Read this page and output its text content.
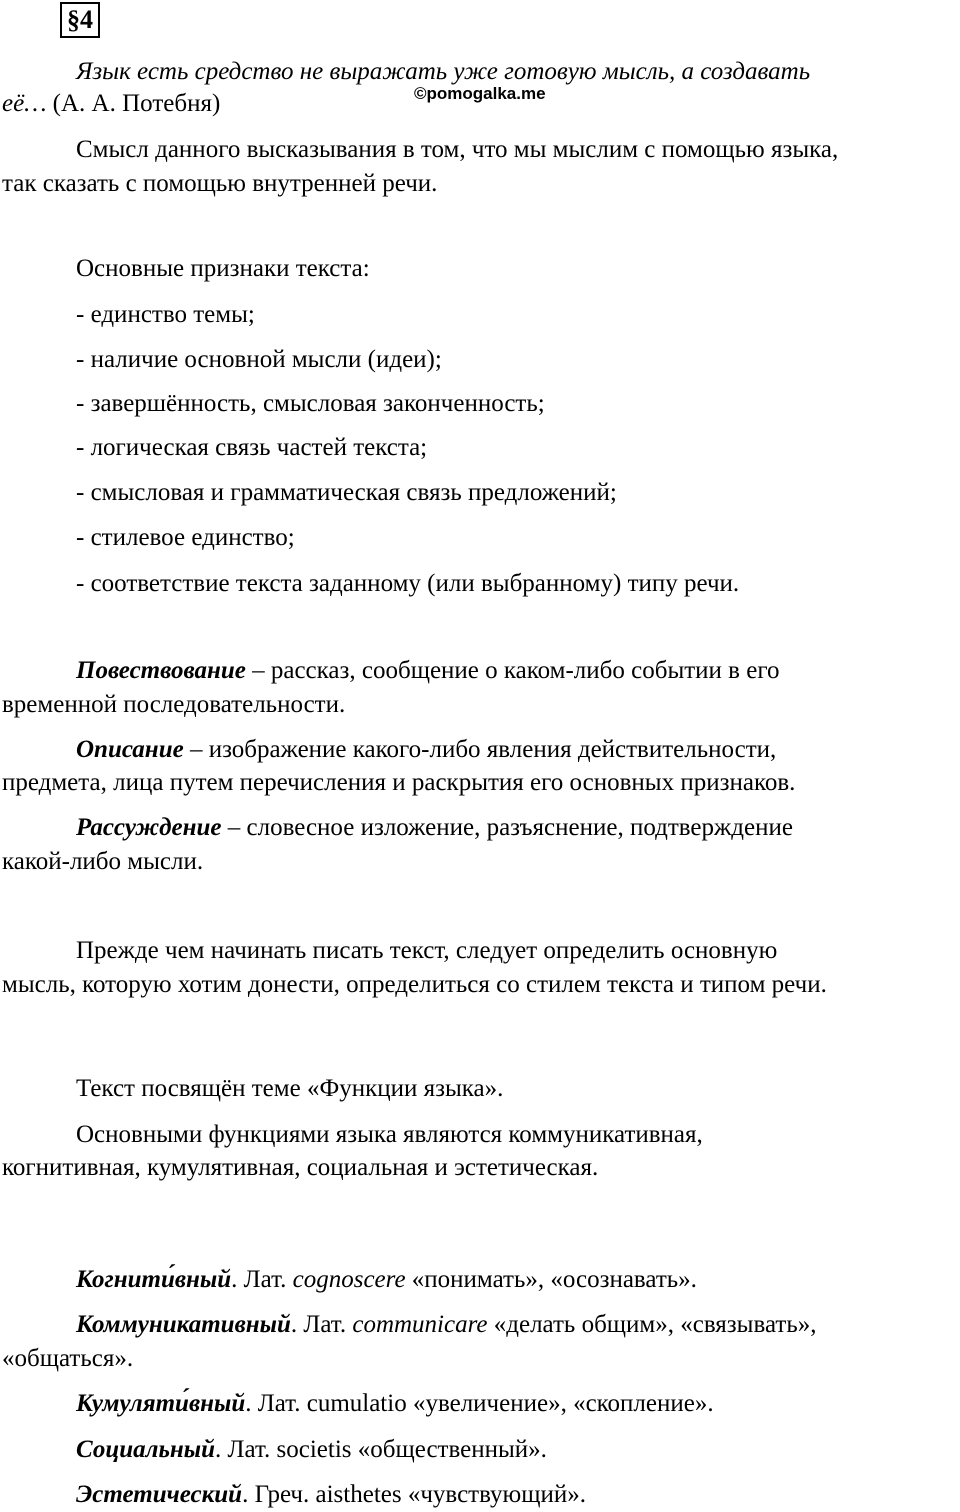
§4
Язык есть средство не выражать уже готовую мысль, а создавать
её… (А. А. Потебня)	©pomogalka.me
Смысл данного высказывания в том, что мы мыслим с помощью языка,
так сказать с помощью внутренней речи.
Основные признаки текста:
- единство темы;
- наличие основной мысли (идеи);
- завершённость, смысловая законченность;
- логическая связь частей текста;
- смысловая и грамматическая связь предложений;
- стилевое единство;
- соответствие текста заданному (или выбранному) типу речи.
Повествование – рассказ, сообщение о каком-либо событии в его
временной последовательности.
Описание – изображение какого-либо явления действительности,
предмета, лица путем перечисления и раскрытия его основных признаков.
Рассуждение – словесное изложение, разъяснение, подтверждение
какой-либо мысли.
Прежде чем начинать писать текст, следует определить основную
мысль, которую хотим донести, определиться со стилем текста и типом речи.
Текст посвящён теме «Функции языка».
Основными функциями языка являются коммуникативная,
когнитивная, кумулятивная, социальная и эстетическая.
Когнити́вный. Лат. cognoscere «понимать», «осознавать».
Коммуникативный. Лат. communicare «делать общим», «связывать»,
«общаться».
Кумуляти́вный. Лат. cumulatio «увеличение», «скопление».
Социальный. Лат. societis «общественный».
Эстетический. Греч. aisthetes «чувствующий».
